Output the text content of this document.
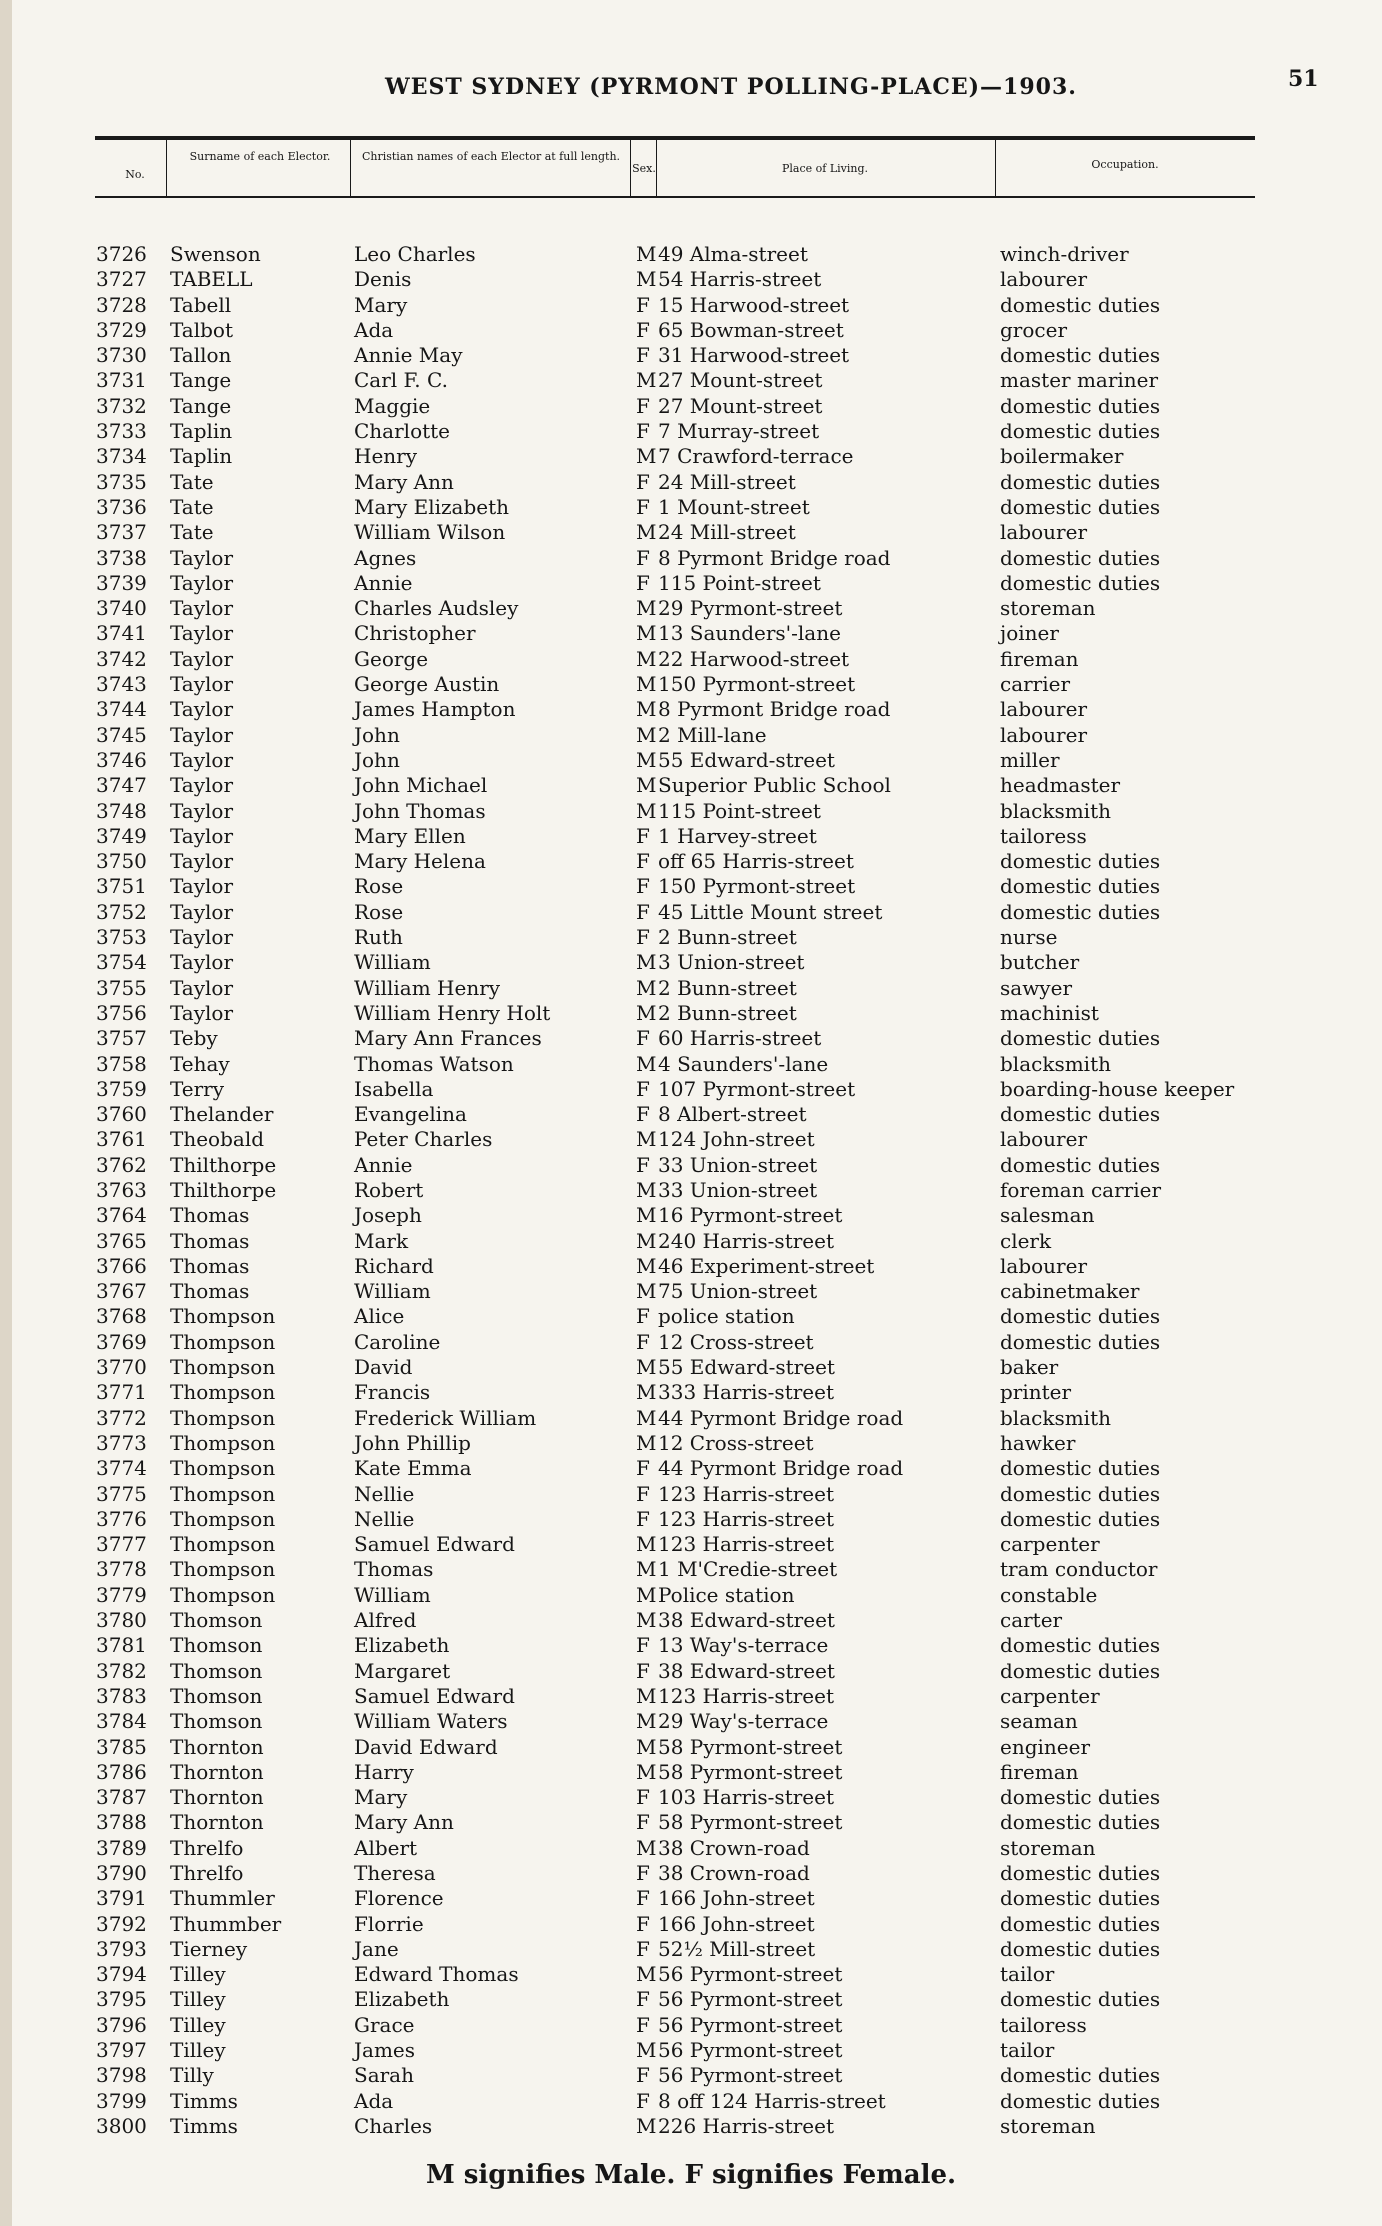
WEST SYDNEY (PYRMONT POLLING-PLACE)—1903.	51
No.
Surname of each Elector.	Christian names of each Elector at full length.
Sex.	Place of Living.	Occupation.
3726	Swenson	Leo Charles	M 49 Alma-street	winch-driver
3727	TABELL	Denis	M 54 Harris-street	labourer
3728	Tabell	Mary	F 15 Harwood-street	domestic duties
3729	Talbot	Ada	F 65 Bowman-street	grocer
3730	Tallon	Annie May	F 31 Harwood-street	domestic duties
3731	Tange	Carl F. C.	M 27 Mount-street	master mariner
3732	Tange	Maggie	F 27 Mount-street	domestic duties
3733	Taplin	Charlotte	F 7 Murray-street	domestic duties
3734	Taplin	Henry	M 7 Crawford-terrace	boilermaker
3735	Tate	Mary Ann	F 24 Mill-street	domestic duties
3736	Tate	Mary Elizabeth	F 1 Mount-street	domestic duties
3737	Tate	William Wilson	M 24 Mill-street	labourer
3738	Taylor	Agnes	F 8 Pyrmont Bridge road	domestic duties
3739	Taylor	Annie	F 115 Point-street	domestic duties
3740	Taylor	Charles Audsley	M 29 Pyrmont-street	storeman
3741	Taylor	Christopher	M 13 Saunders'-lane	joiner
3742	Taylor	George	M 22 Harwood-street	fireman
3743	Taylor	George Austin	M 150 Pyrmont-street	carrier
3744	Taylor	James Hampton	M 8 Pyrmont Bridge road	labourer
3745	Taylor	John	M 2 Mill-lane	labourer
3746	Taylor	John	M 55 Edward-street	miller
3747	Taylor	John Michael	M Superior Public School	headmaster
3748	Taylor	John Thomas	M 115 Point-street	blacksmith
3749	Taylor	Mary Ellen	F 1 Harvey-street	tailoress
3750	Taylor	Mary Helena	F off 65 Harris-street	domestic duties
3751	Taylor	Rose	F 150 Pyrmont-street	domestic duties
3752	Taylor	Rose	F 45 Little Mount street	domestic duties
3753	Taylor	Ruth	F 2 Bunn-street	nurse
3754	Taylor	William	M 3 Union-street	butcher
3755	Taylor	William Henry	M 2 Bunn-street	sawyer
3756	Taylor	William Henry Holt	M 2 Bunn-street	machinist
3757	Teby	Mary Ann Frances	F 60 Harris-street	domestic duties
3758	Tehay	Thomas Watson	M 4 Saunders'-lane	blacksmith
3759	Terry	Isabella	F 107 Pyrmont-street	boarding-house keeper
3760	Thelander	Evangelina	F 8 Albert-street	domestic duties
3761	Theobald	Peter Charles	M 124 John-street	labourer
3762	Thilthorpe	Annie	F 33 Union-street	domestic duties
3763	Thilthorpe	Robert	M 33 Union-street	foreman carrier
3764	Thomas	Joseph	M 16 Pyrmont-street	salesman
3765	Thomas	Mark	M 240 Harris-street	clerk
3766	Thomas	Richard	M 46 Experiment-street	labourer
3767	Thomas	William	M 75 Union-street	cabinetmaker
3768	Thompson	Alice	F police station	domestic duties
3769	Thompson	Caroline	F 12 Cross-street	domestic duties
3770	Thompson	David	M 55 Edward-street	baker
3771	Thompson	Francis	M 333 Harris-street	printer
3772	Thompson	Frederick William	M 44 Pyrmont Bridge road	blacksmith
3773	Thompson	John Phillip	M 12 Cross-street	hawker
3774	Thompson	Kate Emma	F 44 Pyrmont Bridge road	domestic duties
3775	Thompson	Nellie	F 123 Harris-street	domestic duties
3776	Thompson	Nellie	F 123 Harris-street	domestic duties
3777	Thompson	Samuel Edward	M 123 Harris-street	carpenter
3778	Thompson	Thomas	M 1 M'Credie-street	tram conductor
3779	Thompson	William	M Police station	constable
3780	Thomson	Alfred	M 38 Edward-street	carter
3781	Thomson	Elizabeth	F 13 Way's-terrace	domestic duties
3782	Thomson	Margaret	F 38 Edward-street	domestic duties
3783	Thomson	Samuel Edward	M 123 Harris-street	carpenter
3784	Thomson	William Waters	M 29 Way's-terrace	seaman
3785	Thornton	David Edward	M 58 Pyrmont-street	engineer
3786	Thornton	Harry	M 58 Pyrmont-street	fireman
3787	Thornton	Mary	F 103 Harris-street	domestic duties
3788	Thornton	Mary Ann	F 58 Pyrmont-street	domestic duties
3789	Threlfo	Albert	M 38 Crown-road	storeman
3790	Threlfo	Theresa	F 38 Crown-road	domestic duties
3791	Thummler	Florence	F 166 John-street	domestic duties
3792	Thummber	Florrie	F 166 John-street	domestic duties
3793	Tierney	Jane	F 52½ Mill-street	domestic duties
3794	Tilley	Edward Thomas	M 56 Pyrmont-street	tailor
3795	Tilley	Elizabeth	F 56 Pyrmont-street	domestic duties
3796	Tilley	Grace	F 56 Pyrmont-street	tailoress
3797	Tilley	James	M 56 Pyrmont-street	tailor
3798	Tilly	Sarah	F 56 Pyrmont-street	domestic duties
3799	Timms	Ada	F 8 off 124 Harris-street	domestic duties
3800	Timms	Charles	M 226 Harris-street	storeman
M signifies Male. F signifies Female.
